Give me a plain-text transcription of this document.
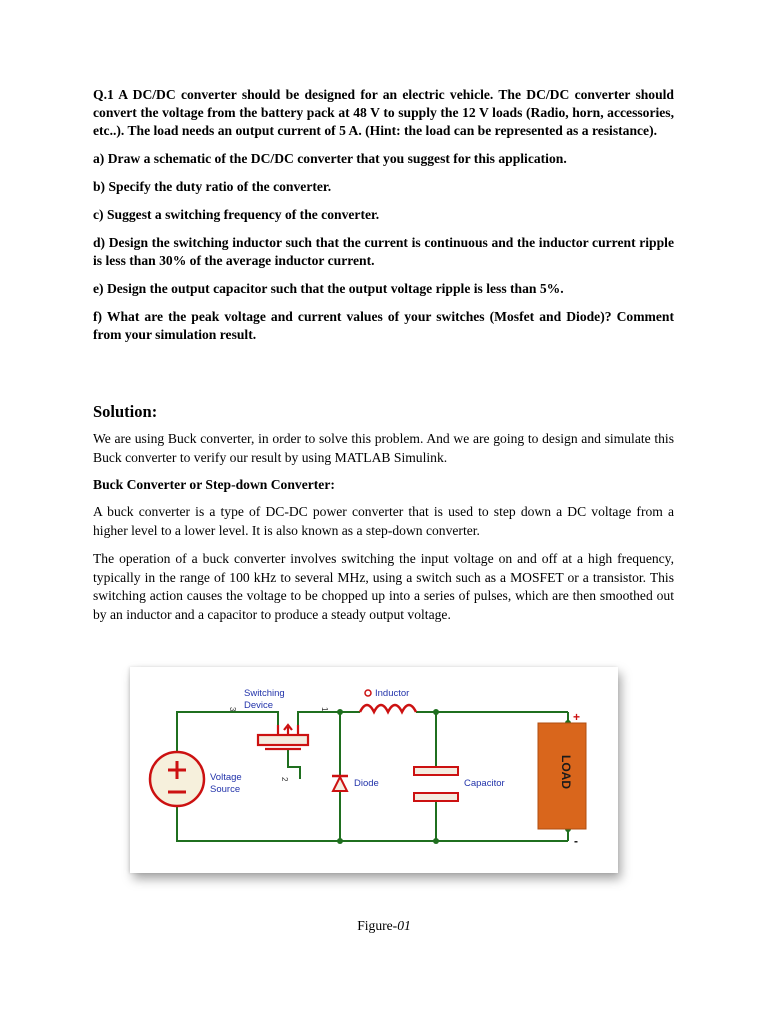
Q.1 A DC/DC converter should be designed for an electric vehicle. The DC/DC converter should convert the voltage from the battery pack at 48 V to supply the 12 V loads (Radio, horn, accessories, etc..). The load needs an output current of 5 A. (Hint: the load can be represented as a resistance).

a) Draw a schematic of the DC/DC converter that you suggest for this application.

b) Specify the duty ratio of the converter.

c) Suggest a switching frequency of the converter.

d) Design the switching inductor such that the current is continuous and the inductor current ripple is less than 30% of the average inductor current.

e) Design the output capacitor such that the output voltage ripple is less than 5%.

f) What are the peak voltage and current values of your switches (Mosfet and Diode)? Comment from your simulation result.

Solution:

We are using Buck converter, in order to solve this problem. And we are going to design and simulate this Buck converter to verify our result by using MATLAB Simulink.

Buck Converter or Step-down Converter:

A buck converter is a type of DC-DC power converter that is used to step down a DC voltage from a higher level to a lower level. It is also known as a step-down converter.

The operation of a buck converter involves switching the input voltage on and off at a high frequency, typically in the range of 100 kHz to several MHz, using a switch such as a MOSFET or a transistor. This switching action causes the voltage to be chopped up into a series of pulses, which are then smoothed out by an inductor and a capacitor to produce a steady output voltage.

Switching
Device
Inductor
Voltage
Source
Diode	Capacitor	LOAD
3	1
2
+
-
Figure-01
